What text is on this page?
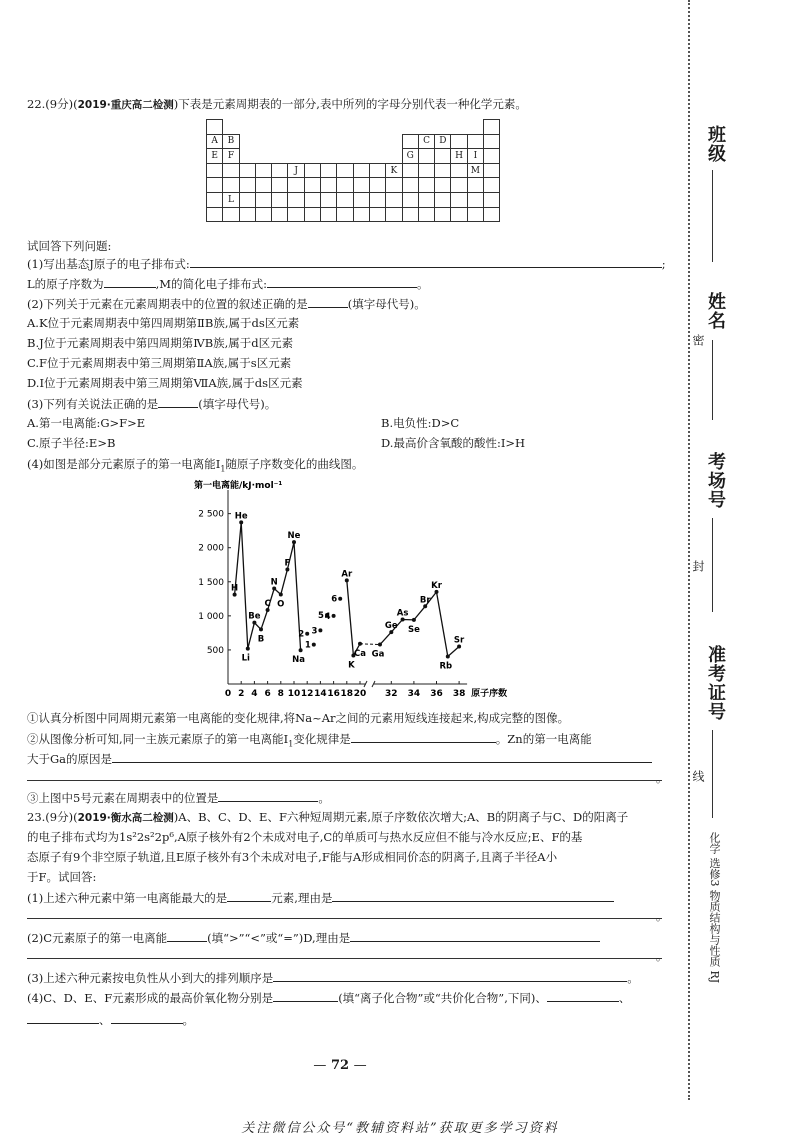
22.(9分)(2019·重庆高二检测)下表是元素周期表的一部分,表中所列的字母分别代表一种化学元素。

A	B												C	D			
E	F											G			H	I	
					J						K					M	

	L																

试回答下列问题:
(1)写出基态J原子的电子排布式:	;
L的原子序数为	,M的简化电子排布式:	。
(2)下列关于元素在元素周期表中的位置的叙述正确的是	(填字母代号)。
A.K位于元素周期表中第四周期第ⅡB族,属于ds区元素
B.J位于元素周期表中第四周期第ⅣB族,属于d区元素
C.F位于元素周期表中第三周期第ⅡA族,属于s区元素
D.I位于元素周期表中第三周期第ⅦA族,属于ds区元素
(3)下列有关说法正确的是	(填字母代号)。
A.第一电离能:G>F>E	B.电负性:D>C
C.原子半径:E>B	D.最高价含氧酸的酸性:I>H
(4)如图是部分元素原子的第一电离能$I_1$随原子序数变化的曲线图。
第一电离能/kJ·mol⁻¹
原子序数
500
1 000
1 500
2 000
2 500
0 2 4 6 8 10 12 14 16 18 20 32 34 36 38
H
He
Li
Be
B
C
N
O
F
Ne
Na
Ar
K
Ca Ga
Ge
As
Se
Br
Kr
Rb
Sr
2
1
3
5 4
6
①认真分析图中同周期元素第一电离能的变化规律,将Na~Ar之间的元素用短线连接起来,构成完整的图像。
②从图像分析可知,同一主族元素原子的第一电离能$I_1$变化规律是	。Zn的第一电离能
大于Ga的原因是
。
③上图中5号元素在周期表中的位置是	。
23.(9分)(2019·衡水高二检测)A、B、C、D、E、F六种短周期元素,原子序数依次增大;A、B的阴离子与C、D的阳离子
的电子排布式均为1s²2s²2p⁶,A原子核外有2个未成对电子,C的单质可与热水反应但不能与冷水反应;E、F的基
态原子有9个非空原子轨道,且E原子核外有3个未成对电子,F能与A形成相同价态的阴离子,且离子半径A小
于F。试回答:
(1)上述六种元素中第一电离能最大的是	元素,理由是
。
(2)C元素原子的第一电离能	(填“>”“<”或“=”)D,理由是
。
(3)上述六种元素按电负性从小到大的排列顺序是	。
(4)C、D、E、F元素形成的最高价氧化物分别是	(填“离子化合物”或“共价化合物”,下同)、	、
、	。
— 72 —
关注微信公众号“教辅资料站”获取更多学习资料
班级
姓名
密
考场号
封
准考证号
线
化学 选修3 物质结构与性质 RJ
